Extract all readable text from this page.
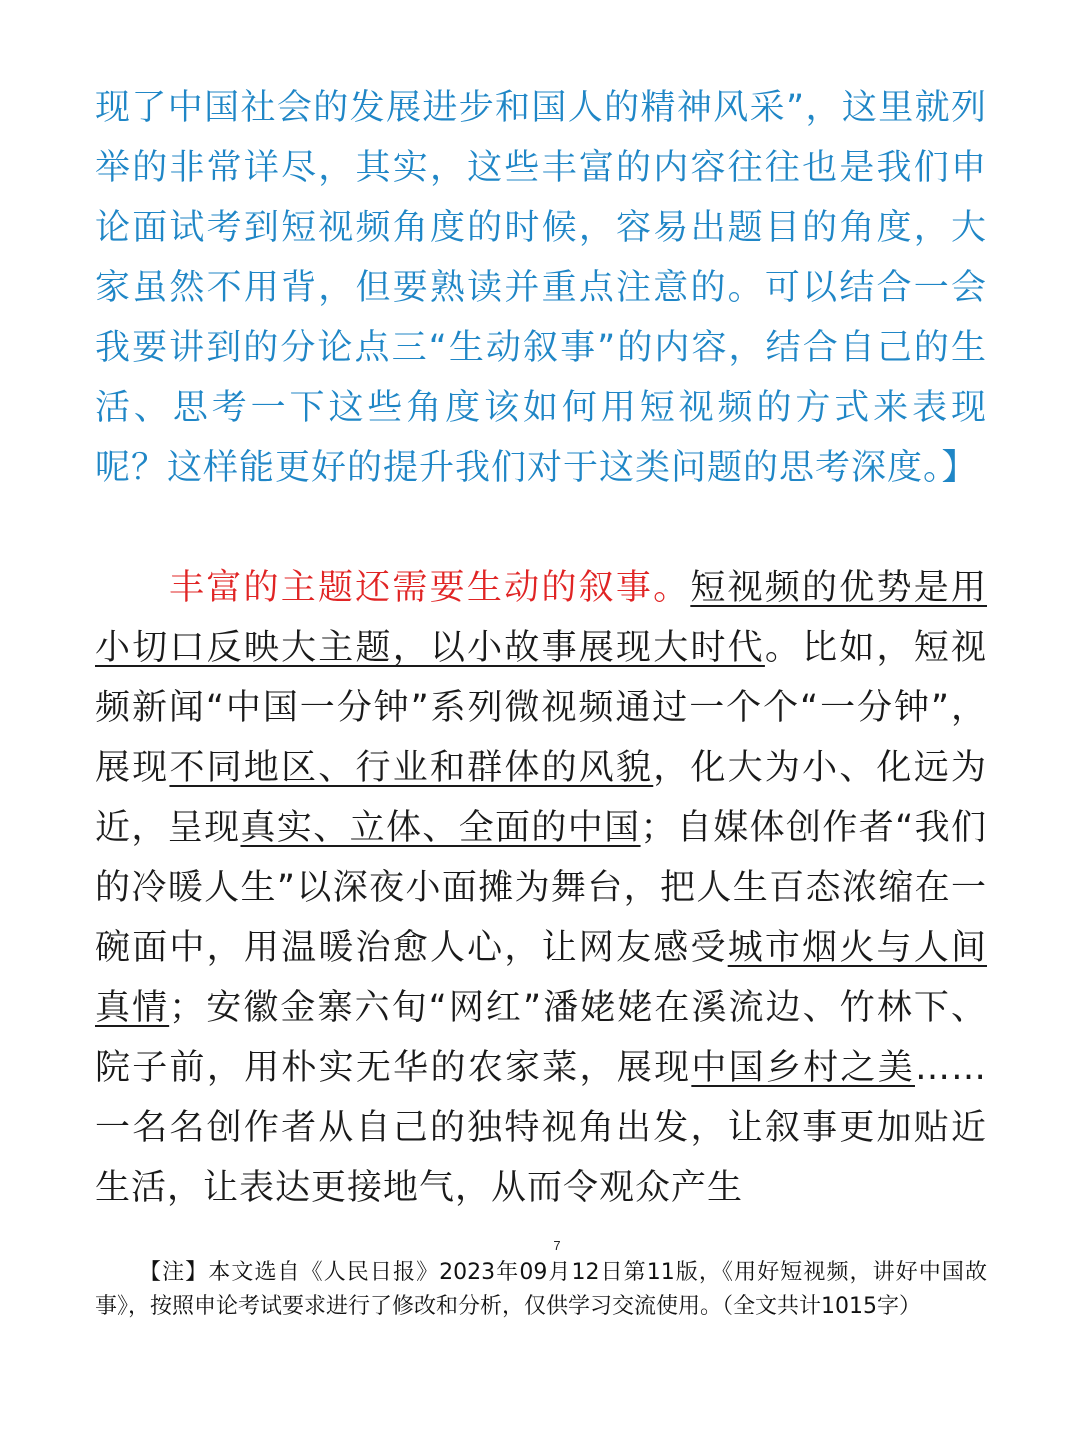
现了中国社会的发展进步和国人的精神风采”，这里就列举的非常详尽，其实，这些丰富的内容往往也是我们申论面试考到短视频角度的时候，容易出题目的角度，大家虽然不用背，但要熟读并重点注意的。可以结合一会我要讲到的分论点三“生动叙事”的内容，结合自己的生活、思考一下这些角度该如何用短视频的方式来表现呢？这样能更好的提升我们对于这类问题的思考深度。】
丰富的主题还需要生动的叙事。短视频的优势是用小切口反映大主题，以小故事展现大时代。比如，短视频新闻“中国一分钟”系列微视频通过一个个“一分钟”，展现不同地区、行业和群体的风貌，化大为小、化远为近，呈现真实、立体、全面的中国；自媒体创作者“我们的冷暖人生”以深夜小面摊为舞台，把人生百态浓缩在一碗面中，用温暖治愈人心，让网友感受城市烟火与人间真情；安徽金寨六旬“网红”潘姥姥在溪流边、竹林下、院子前，用朴实无华的农家菜，展现中国乡村之美……一名名创作者从自己的独特视角出发，让叙事更加贴近生活，让表达更接地气，从而令观众产生
7
【注】本文选自《人民日报》2023年09月12日第11版，《用好短视频，讲好中国故事》，按照申论考试要求进行了修改和分析，仅供学习交流使用。（全文共计1015字）
